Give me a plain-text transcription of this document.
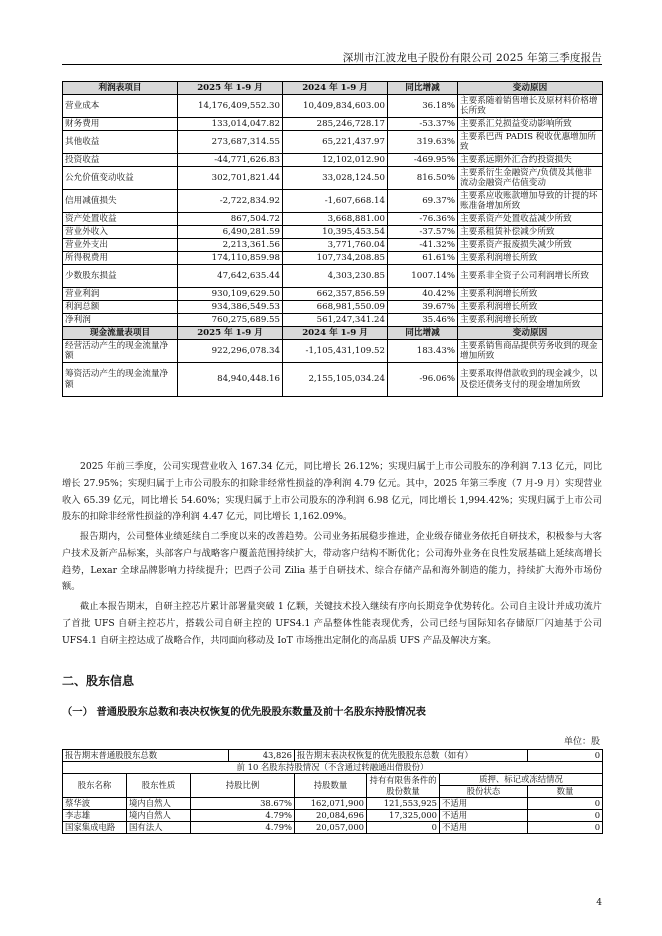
深圳市江波龙电子股份有限公司 2025 年第三季度报告
利润表项目	2025 年 1-9 月	2024 年 1-9 月	同比增减	变动原因
营业成本	14,176,409,552.30	10,409,834,603.00	36.18%	主要系随着销售增长及原材料价格增长所致
财务费用	133,014,047.82	285,246,728.17	-53.37%	主要系汇兑损益变动影响所致
其他收益	273,687,314.55	65,221,437.97	319.63%	主要系巴西 PADIS 税收优惠增加所致
投资收益	-44,771,626.83	12,102,012.90	-469.95%	主要系远期外汇合约投资损失
公允价值变动收益	302,701,821.44	33,028,124.50	816.50%	主要系衍生金融资产/负债及其他非流动金融资产估值变动
信用减值损失	-2,722,834.92	-1,607,668.14	69.37%	主要系应收账款增加导致的计提的坏账准备增加所致
资产处置收益	867,504.72	3,668,881.00	-76.36%	主要系资产处置收益减少所致
营业外收入	6,490,281.59	10,395,453.54	-37.57%	主要系租赁补偿减少所致
营业外支出	2,213,361.56	3,771,760.04	-41.32%	主要系资产报废损失减少所致
所得税费用	174,110,859.98	107,734,208.85	61.61%	主要系利润增长所致
少数股东损益	47,642,635.44	4,303,230.85	1007.14%	主要系非全资子公司利润增长所致
营业利润	930,109,629.50	662,357,856.59	40.42%	主要系利润增长所致
利润总额	934,386,549.53	668,981,550.09	39.67%	主要系利润增长所致
净利润	760,275,689.55	561,247,341.24	35.46%	主要系利润增长所致
现金流量表项目	2025 年 1-9 月	2024 年 1-9 月	同比增减	变动原因
经营活动产生的现金流量净额	922,296,078.34	-1,105,431,109.52	183.43%	主要系销售商品提供劳务收到的现金增加所致
筹资活动产生的现金流量净额	84,940,448.16	2,155,105,034.24	-96.06%	主要系取得借款收到的现金减少，以及偿还债务支付的现金增加所致

2025 年前三季度，公司实现营业收入 167.34 亿元，同比增长 26.12%；实现归属于上市公司股东的净利润 7.13 亿元，同比增长 27.95%；实现归属于上市公司股东的扣除非经常性损益的净利润 4.79 亿元。其中，2025 年第三季度（7 月-9 月）实现营业收入 65.39 亿元，同比增长 54.60%；实现归属于上市公司股东的净利润 6.98 亿元，同比增长 1,994.42%；实现归属于上市公司股东的扣除非经常性损益的净利润 4.47 亿元，同比增长 1,162.09%。

报告期内，公司整体业绩延续自二季度以来的改善趋势。公司业务拓展稳步推进，企业级存储业务依托自研技术，积极参与大客户技术及新产品标案，头部客户与战略客户覆盖范围持续扩大，带动客户结构不断优化；公司海外业务在良性发展基础上延续高增长趋势，Lexar 全球品牌影响力持续提升；巴西子公司 Zilia 基于自研技术、综合存储产品和海外制造的能力，持续扩大海外市场份额。

截止本报告期末，自研主控芯片累计部署量突破 1 亿颗，关键技术投入继续有序向长期竞争优势转化。公司自主设计并成功流片了首批 UFS 自研主控芯片，搭载公司自研主控的 UFS4.1 产品整体性能表现优秀，公司已经与国际知名存储原厂闪迪基于公司 UFS4.1 自研主控达成了战略合作，共同面向移动及 IoT 市场推出定制化的高品质 UFS 产品及解决方案。

二、股东信息
（一） 普通股股东总数和表决权恢复的优先股股东数量及前十名股东持股情况表
单位：股
报告期末普通股股东总数			43,826	报告期末表决权恢复的优先股股东总数（如有）			0
前 10 名股东持股情况（不含通过转融通出借股份）							
股东名称	股东性质	持股比例		持股数量	持有有限售条件的股份数量	质押、标记或冻结情况	
						股份状态	数量
蔡华波	境内自然人	38.67%		162,071,900	121,553,925	不适用	0
李志雄	境内自然人	4.79%		20,084,696	17,325,000	不适用	0
国家集成电路	国有法人	4.79%		20,057,000	0	不适用	0
4
